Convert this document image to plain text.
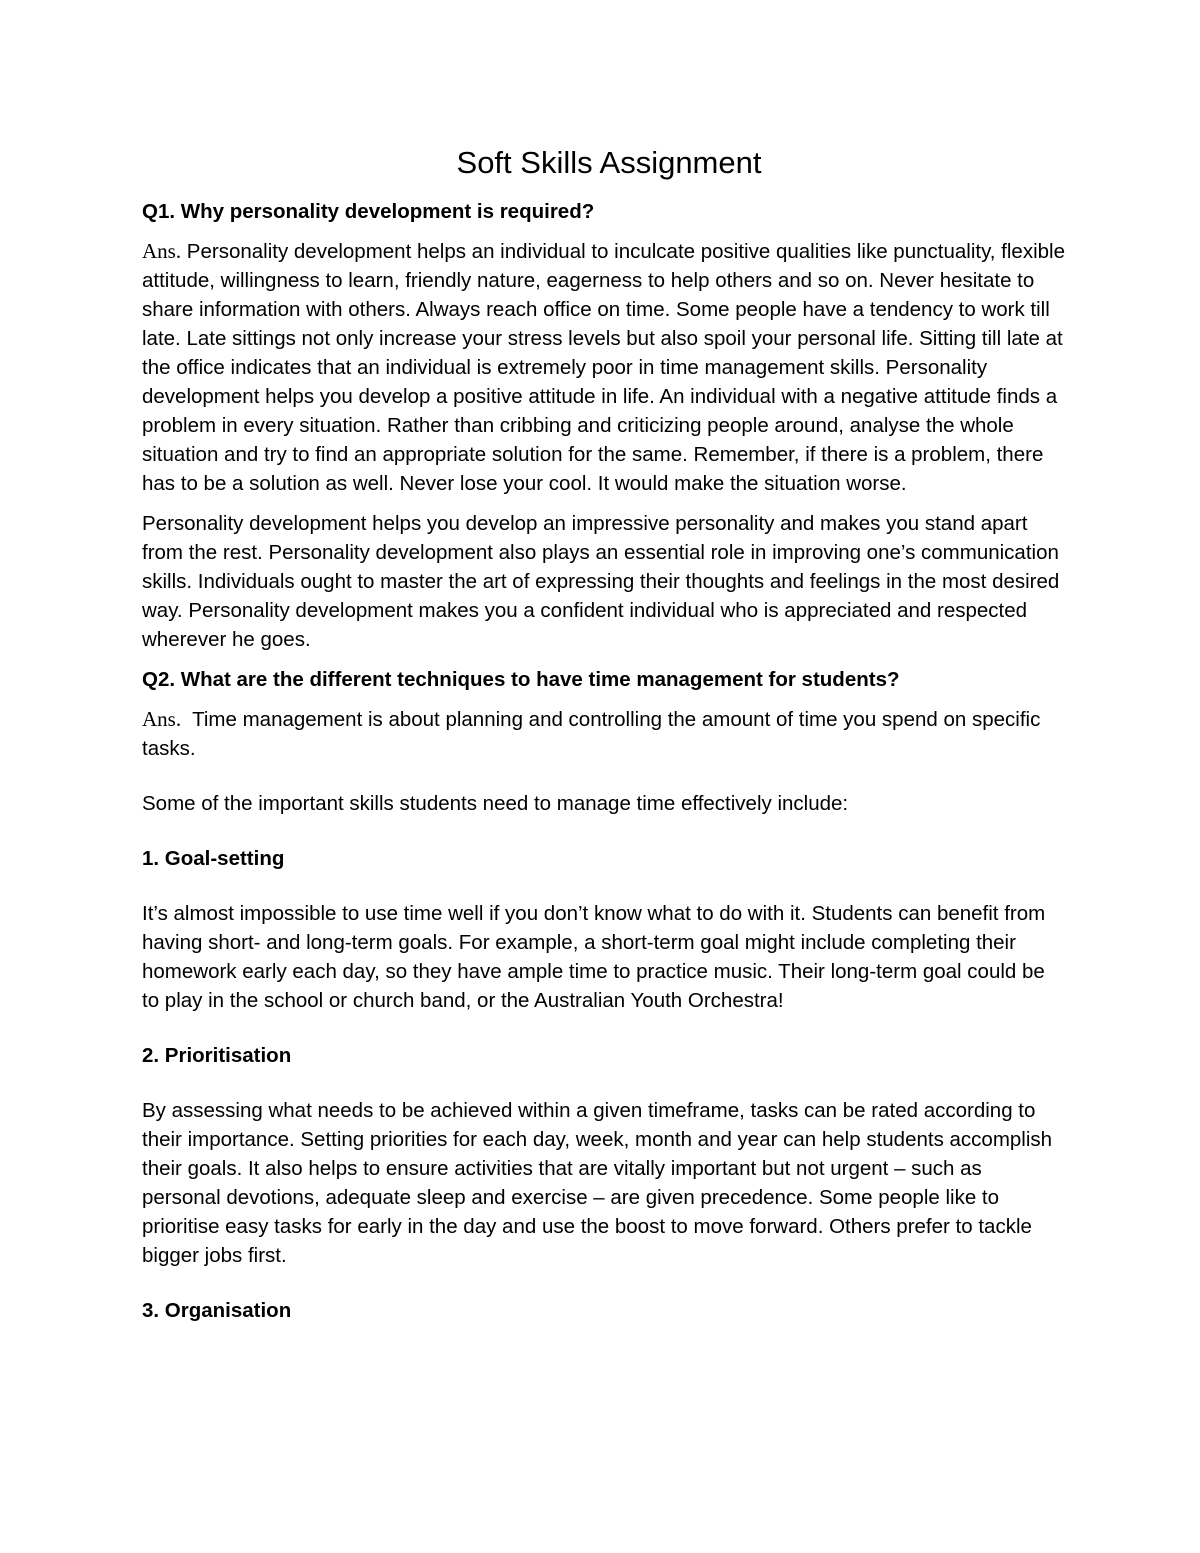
Soft Skills Assignment
Q1. Why personality development is required?

Ans. Personality development helps an individual to inculcate positive qualities like punctuality, flexible attitude, willingness to learn, friendly nature, eagerness to help others and so on. Never hesitate to share information with others. Always reach office on time. Some people have a tendency to work till late. Late sittings not only increase your stress levels but also spoil your personal life. Sitting till late at the office indicates that an individual is extremely poor in time management skills. Personality development helps you develop a positive attitude in life. An individual with a negative attitude finds a problem in every situation. Rather than cribbing and criticizing people around, analyse the whole situation and try to find an appropriate solution for the same. Remember, if there is a problem, there has to be a solution as well. Never lose your cool. It would make the situation worse.

Personality development helps you develop an impressive personality and makes you stand apart from the rest. Personality development also plays an essential role in improving one’s communication skills. Individuals ought to master the art of expressing their thoughts and feelings in the most desired way. Personality development makes you a confident individual who is appreciated and respected wherever he goes.

Q2. What are the different techniques to have time management for students?

Ans.  Time management is about planning and controlling the amount of time you spend on specific tasks.

Some of the important skills students need to manage time effectively include:

1. Goal-setting

It’s almost impossible to use time well if you don’t know what to do with it. Students can benefit from having short- and long-term goals. For example, a short-term goal might include completing their homework early each day, so they have ample time to practice music. Their long-term goal could be to play in the school or church band, or the Australian Youth Orchestra!

2. Prioritisation

By assessing what needs to be achieved within a given timeframe, tasks can be rated according to their importance. Setting priorities for each day, week, month and year can help students accomplish their goals. It also helps to ensure activities that are vitally important but not urgent – such as personal devotions, adequate sleep and exercise – are given precedence. Some people like to prioritise easy tasks for early in the day and use the boost to move forward. Others prefer to tackle bigger jobs first.

3. Organisation
